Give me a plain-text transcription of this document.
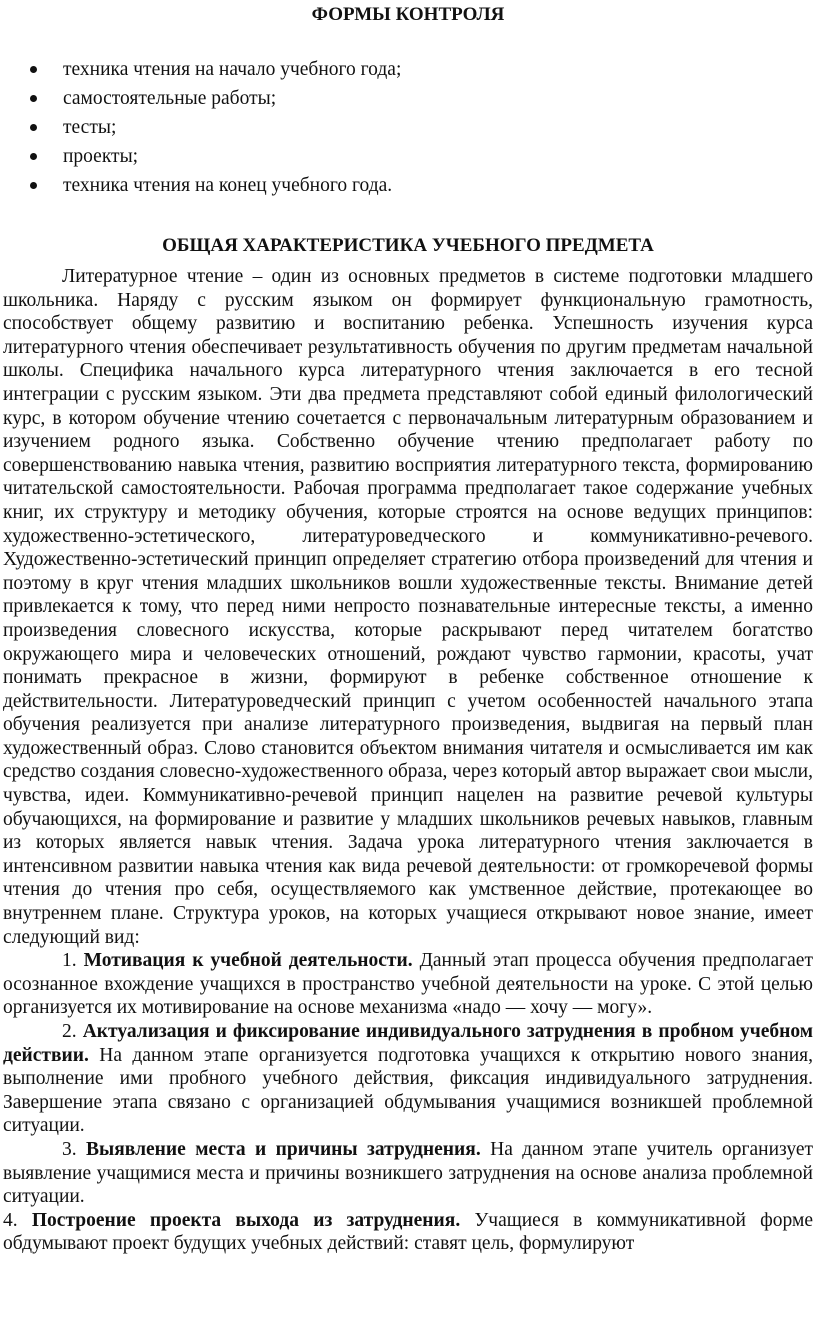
ФОРМЫ КОНТРОЛЯ
техника чтения на начало учебного года;
самостоятельные работы;
тесты;
проекты;
техника чтения на конец учебного года.
ОБЩАЯ ХАРАКТЕРИСТИКА УЧЕБНОГО ПРЕДМЕТА

Литературное чтение – один из основных предметов в системе подготовки младшего школьника. Наряду с русским языком он формирует функциональную грамотность, способствует общему развитию и воспитанию ребенка. Успешность изучения курса литературного чтения обеспечивает результативность обучения по другим предметам начальной школы. Специфика начального курса литературного чтения заключается в его тесной интеграции с русским языком. Эти два предмета представляют собой единый филологический курс, в котором обучение чтению сочетается с первоначальным литературным образованием и изучением родного языка. Собственно обучение чтению предполагает работу по совершенствованию навыка чтения, развитию восприятия литературного текста, формированию читательской самостоятельности. Рабочая программа предполагает такое содержание учебных книг, их структуру и методику обучения, которые строятся на основе ведущих принципов: художественно-эстетического, литературоведческого и коммуникативно-речевого. Художественно-эстетический принцип определяет стратегию отбора произведений для чтения и поэтому в круг чтения младших школьников вошли художественные тексты. Внимание детей привлекается к тому, что перед ними непросто познавательные интересные тексты, а именно произведения словесного искусства, которые раскрывают перед читателем богатство окружающего мира и человеческих отношений, рождают чувство гармонии, красоты, учат понимать прекрасное в жизни, формируют в ребенке собственное отношение к действительности. Литературоведческий принцип с учетом особенностей начального этапа обучения реализуется при анализе литературного произведения, выдвигая на первый план художественный образ. Слово становится объектом внимания читателя и осмысливается им как средство создания словесно-художественного образа, через который автор выражает свои мысли, чувства, идеи. Коммуникативно-речевой принцип нацелен на развитие речевой культуры обучающихся, на формирование и развитие у младших школьников речевых навыков, главным из которых является навык чтения. Задача урока литературного чтения заключается в интенсивном развитии навыка чтения как вида речевой деятельности: от громкоречевой формы чтения до чтения про себя, осуществляемого как умственное действие, протекающее во внутреннем плане. Структура уроков, на которых учащиеся открывают новое знание, имеет следующий вид:

1. Мотивация к учебной деятельности. Данный этап процесса обучения предполагает осознанное вхождение учащихся в пространство учебной деятельности на уроке. С этой целью организуется их мотивирование на основе механизма «надо — хочу — могу».

2. Актуализация и фиксирование индивидуального затруднения в пробном учебном действии. На данном этапе организуется подготовка учащихся к открытию нового знания, выполнение ими пробного учебного действия, фиксация индивидуального затруднения. Завершение этапа связано с организацией обдумывания учащимися возникшей проблемной ситуации.

3. Выявление места и причины затруднения. На данном этапе учитель организует выявление учащимися места и причины возникшего затруднения на основе анализа проблемной ситуации.

4. Построение проекта выхода из затруднения. Учащиеся в коммуникативной форме обдумывают проект будущих учебных действий: ставят цель, формулируют
